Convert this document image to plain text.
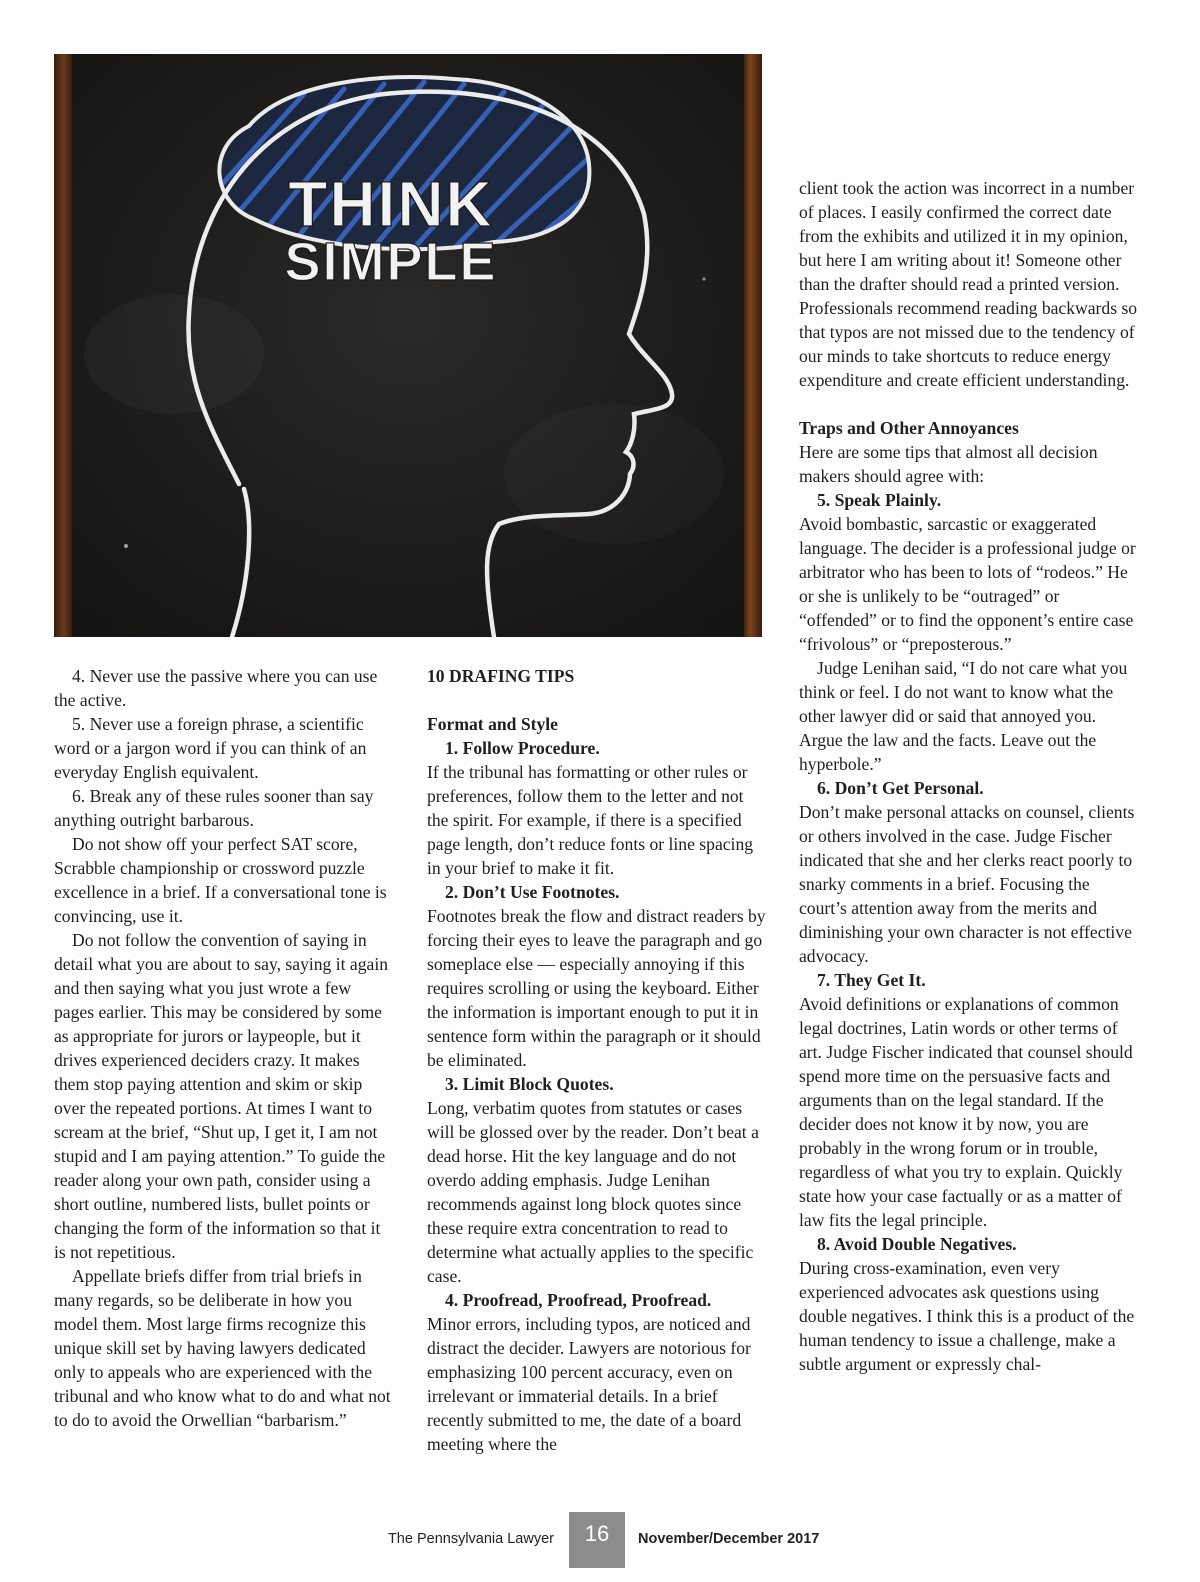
THINK
SIMPLE

4. Never use the passive where you can use the active.

5. Never use a foreign phrase, a scientific word or a jargon word if you can think of an everyday English equivalent.

6. Break any of these rules sooner than say anything outright barbarous.

Do not show off your perfect SAT score, Scrabble championship or crossword puzzle excellence in a brief. If a conversational tone is convincing, use it.

Do not follow the convention of saying in detail what you are about to say, saying it again and then saying what you just wrote a few pages earlier. This may be considered by some as appropriate for jurors or laypeople, but it drives experienced deciders crazy. It makes them stop paying attention and skim or skip over the repeated portions. At times I want to scream at the brief, “Shut up, I get it, I am not stupid and I am paying attention.” To guide the reader along your own path, consider using a short outline, numbered lists, bullet points or changing the form of the information so that it is not repetitious.

Appellate briefs differ from trial briefs in many regards, so be deliberate in how you model them. Most large firms recognize this unique skill set by having lawyers dedicated only to appeals who are experienced with the tribunal and who know what to do and what not to do to avoid the Orwellian “barbarism.”

10 DRAFING TIPS

Format and Style

1. Follow Procedure.

If the tribunal has formatting or other rules or preferences, follow them to the letter and not the spirit. For example, if there is a specified page length, don’t reduce fonts or line spacing in your brief to make it fit.

2. Don’t Use Footnotes.

Footnotes break the flow and distract readers by forcing their eyes to leave the paragraph and go someplace else — especially annoying if this requires scrolling or using the keyboard. Either the information is important enough to put it in sentence form within the paragraph or it should be eliminated.

3. Limit Block Quotes.

Long, verbatim quotes from statutes or cases will be glossed over by the reader. Don’t beat a dead horse. Hit the key language and do not overdo adding emphasis. Judge Lenihan recommends against long block quotes since these require extra concentration to read to determine what actually applies to the specific case.

4. Proofread, Proofread, Proofread.

Minor errors, including typos, are noticed and distract the decider. Lawyers are notorious for emphasizing 100 percent accuracy, even on irrelevant or immaterial details. In a brief recently submitted to me, the date of a board meeting where the

client took the action was incorrect in a number of places. I easily confirmed the correct date from the exhibits and utilized it in my opinion, but here I am writing about it! Someone other than the drafter should read a printed version. Professionals recommend reading backwards so that typos are not missed due to the tendency of our minds to take shortcuts to reduce energy expenditure and create efficient understanding.

Traps and Other Annoyances

Here are some tips that almost all decision makers should agree with:

5. Speak Plainly.

Avoid bombastic, sarcastic or exaggerated language. The decider is a professional judge or arbitrator who has been to lots of “rodeos.” He or she is unlikely to be “outraged” or “offended” or to find the opponent’s entire case “frivolous” or “preposterous.”

Judge Lenihan said, “I do not care what you think or feel. I do not want to know what the other lawyer did or said that annoyed you. Argue the law and the facts. Leave out the hyperbole.”

6. Don’t Get Personal.

Don’t make personal attacks on counsel, clients or others involved in the case. Judge Fischer indicated that she and her clerks react poorly to snarky comments in a brief. Focusing the court’s attention away from the merits and diminishing your own character is not effective advocacy.

7. They Get It.

Avoid definitions or explanations of common legal doctrines, Latin words or other terms of art. Judge Fischer indicated that counsel should spend more time on the persuasive facts and arguments than on the legal standard. If the decider does not know it by now, you are probably in the wrong forum or in trouble, regardless of what you try to explain. Quickly state how your case factually or as a matter of law fits the legal principle.

8. Avoid Double Negatives.

During cross-examination, even very experienced advocates ask questions using double negatives. I think this is a product of the human tendency to issue a challenge, make a subtle argument or expressly chal-

The Pennsylvania Lawyer	16	November/December 2017
